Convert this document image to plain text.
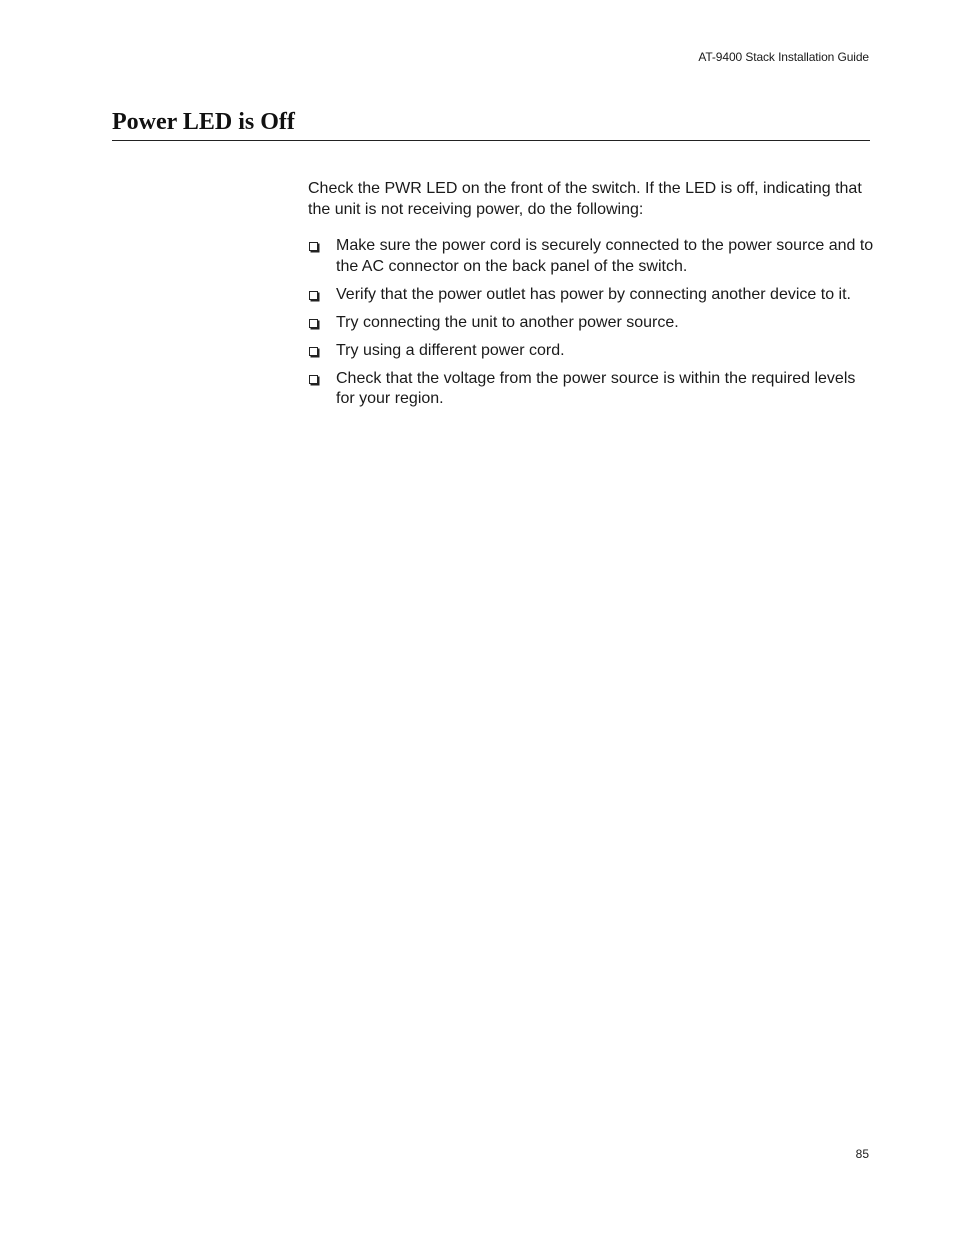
AT-9400 Stack Installation Guide
Power LED is Off

Check the PWR LED on the front of the switch. If the LED is off, indicating that the unit is not receiving power, do the following:

Make sure the power cord is securely connected to the power source and to the AC connector on the back panel of the switch.
Verify that the power outlet has power by connecting another device to it.
Try connecting the unit to another power source.
Try using a different power cord.
Check that the voltage from the power source is within the required levels for your region.
85
